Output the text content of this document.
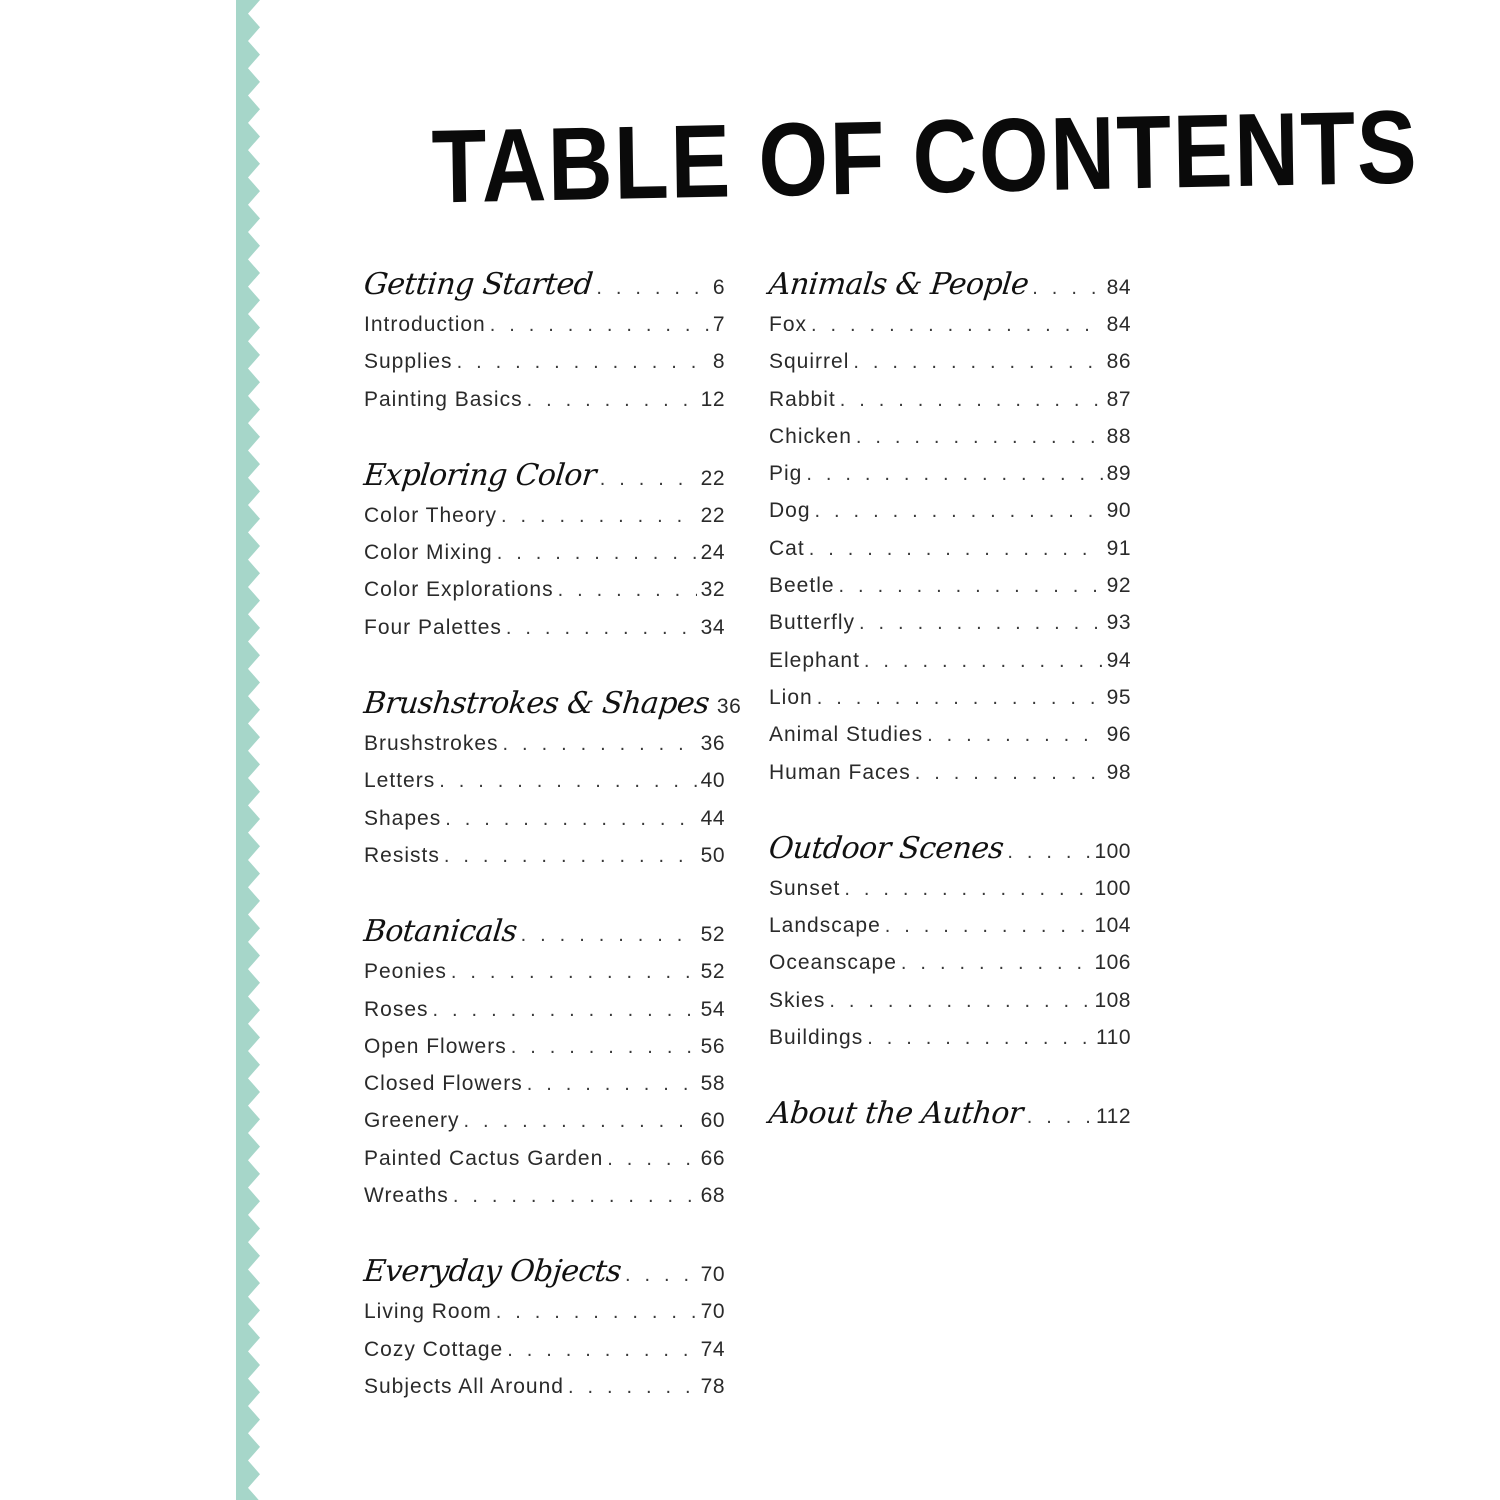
TABLE OF CONTENTS
Getting Started . . .	6
Introduction . . .	7
Supplies . . .	8
Painting Basics . . .	12
Exploring Color . . .	22
Color Theory . . .	22
Color Mixing . . .	24
Color Explorations . . .	32
Four Palettes . . .	34
Brushstrokes & Shapes 36
Brushstrokes . . .	36
Letters . . .	40
Shapes . . .	44
Resists . . .	50
Botanicals . . .	52
Peonies . . .	52
Roses . . .	54
Open Flowers . . .	56
Closed Flowers . . .	58
Greenery . . .	60
Painted Cactus Garden . . .	66
Wreaths . . .	68
Everyday Objects . . .	70
Living Room . . .	70
Cozy Cottage . . .	74
Subjects All Around . . .	78
Animals & People . . .	84
Fox . . .	84
Squirrel . . .	86
Rabbit . . .	87
Chicken . . .	88
Pig . . .	89
Dog . . .	90
Cat . . .	91
Beetle . . .	92
Butterfly . . .	93
Elephant . . .	94
Lion . . .	95
Animal Studies . . .	96
Human Faces . . .	98
Outdoor Scenes . . .	100
Sunset . . .	100
Landscape . . .	104
Oceanscape . . .	106
Skies . . .	108
Buildings . . .	110
About the Author . . .	112
